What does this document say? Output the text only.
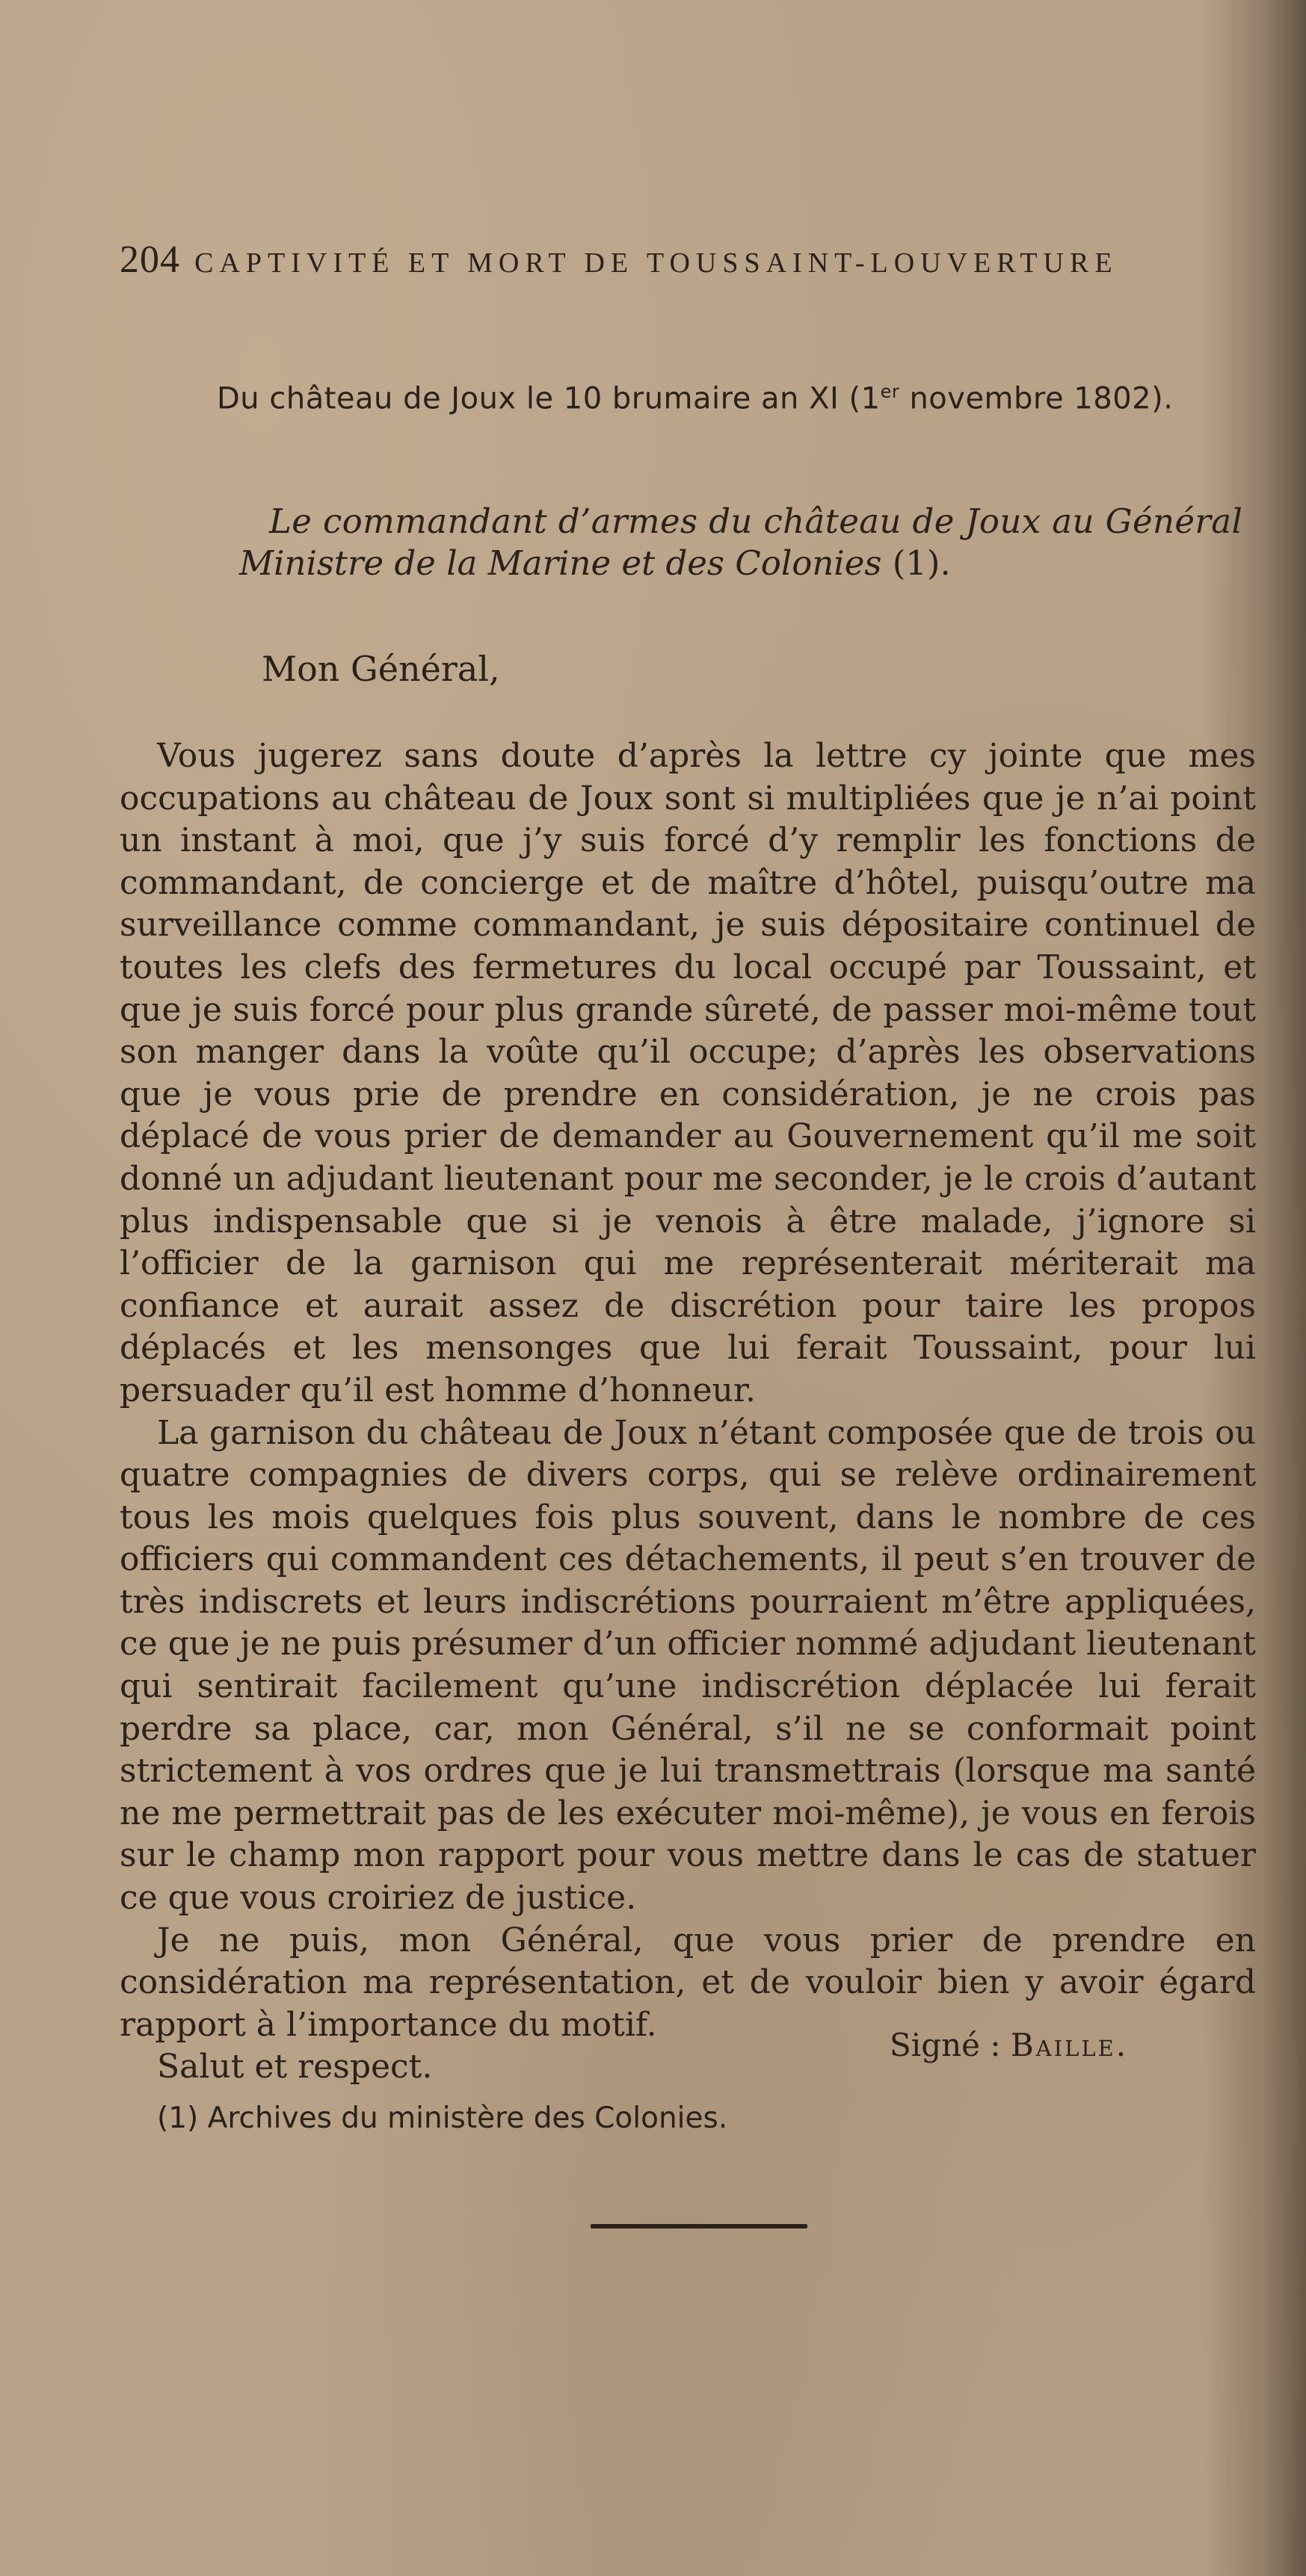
204 CAPTIVITÉ ET MORT DE TOUSSAINT-LOUVERTURE
Du château de Joux le 10 brumaire an XI (1er novembre 1802).
Le commandant d’armes du château de Joux au Général
Ministre de la Marine et des Colonies (1).
Mon Général,

Vous jugerez sans doute d’après la lettre cy jointe que mes occupations au château de Joux sont si multipliées que je n’ai point un instant à moi, que j’y suis forcé d’y remplir les fonctions de commandant, de concierge et de maître d’hôtel, puisqu’outre ma surveillance comme commandant, je suis dépositaire continuel de toutes les clefs des fermetures du local occupé par Toussaint, et que je suis forcé pour plus grande sûreté, de passer moi-même tout son manger dans la voûte qu’il occupe; d’après les observations que je vous prie de prendre en considération, je ne crois pas déplacé de vous prier de demander au Gouvernement qu’il me soit donné un adjudant lieutenant pour me seconder, je le crois d’autant plus indispensable que si je venois à être malade, j’ignore si l’officier de la garnison qui me représenterait mériterait ma confiance et aurait assez de discrétion pour taire les propos déplacés et les mensonges que lui ferait Toussaint, pour lui persuader qu’il est homme d’honneur.

La garnison du château de Joux n’étant composée que de trois ou quatre compagnies de divers corps, qui se relève ordinairement tous les mois quelques fois plus souvent, dans le nombre de ces officiers qui commandent ces détachements, il peut s’en trouver de très indiscrets et leurs indiscrétions pourraient m’être appliquées, ce que je ne puis présumer d’un officier nommé adjudant lieutenant qui sentirait facilement qu’une indiscrétion déplacée lui ferait perdre sa place, car, mon Général, s’il ne se conformait point strictement à vos ordres que je lui transmettrais (lorsque ma santé ne me permettrait pas de les exécuter moi-même), je vous en ferois sur le champ mon rapport pour vous mettre dans le cas de statuer ce que vous croiriez de justice.

Je ne puis, mon Général, que vous prier de prendre en considération ma représentation, et de vouloir bien y avoir égard rapport à l’importance du motif.

Salut et respect.

Signé : Baille.
(1) Archives du ministère des Colonies.
